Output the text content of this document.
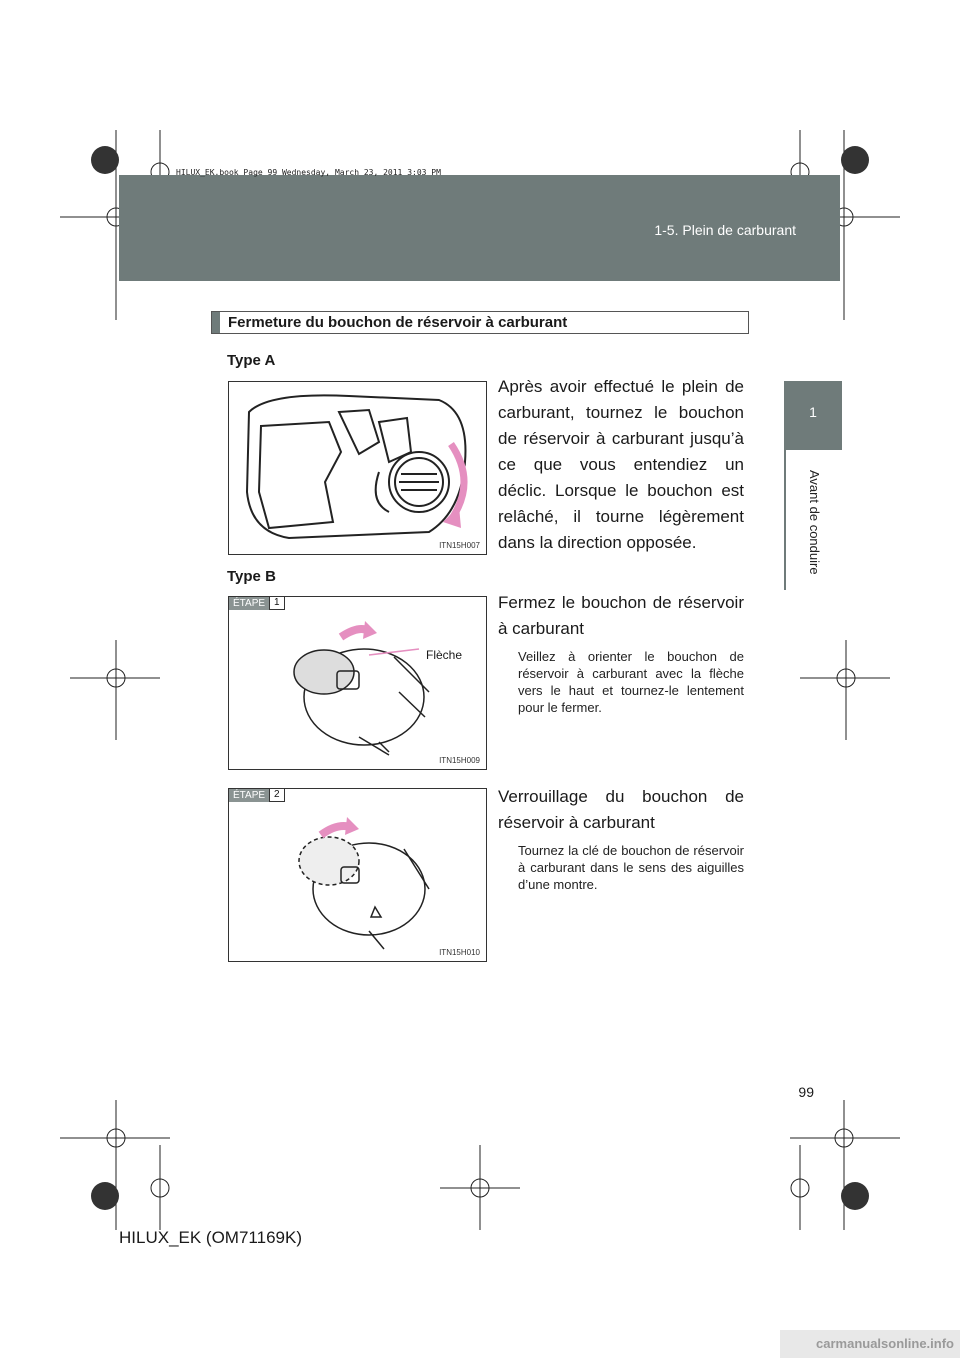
1-5. Plein de carburant
HILUX_EK.book Page 99 Wednesday, March 23, 2011 3:03 PM
1
Avant de conduire
Fermeture du bouchon de réservoir à carburant
Type A
ITN15H007
Après avoir effectué le plein de carburant, tournez le bouchon de réservoir à carburant jusqu’à ce que vous entendiez un déclic. Lorsque le bouchon est relâché, il tourne légèrement dans la direction opposée.
Type B
ÉTAPE 1
Flèche
ITN15H009
Fermez le bouchon de réservoir à carburant
Veillez à orienter le bouchon de réservoir à carburant avec la flèche vers le haut et tournez-le lentement pour le fermer.
ÉTAPE 2
ITN15H010
Verrouillage du bouchon de réservoir à carburant
Tournez la clé de bouchon de réservoir à carburant dans le sens des aiguilles d’une montre.
99
HILUX_EK (OM71169K)
carmanualsonline.info
